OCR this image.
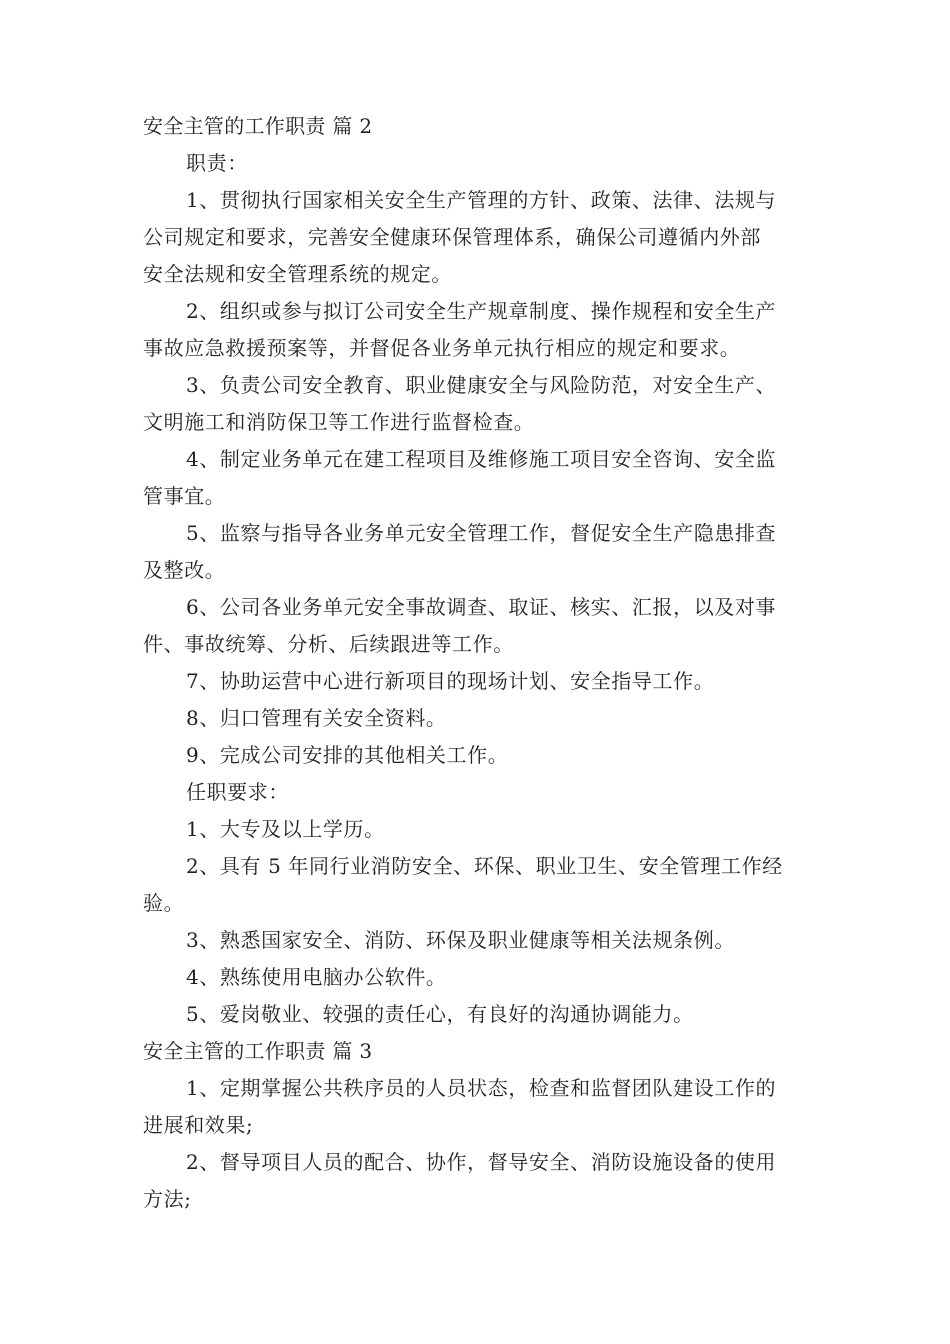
安全主管的工作职责 篇 2
职责：
1、贯彻执行国家相关安全生产管理的方针、政策、法律、法规与
公司规定和要求，完善安全健康环保管理体系，确保公司遵循内外部
安全法规和安全管理系统的规定。
2、组织或参与拟订公司安全生产规章制度、操作规程和安全生产
事故应急救援预案等，并督促各业务单元执行相应的规定和要求。
3、负责公司安全教育、职业健康安全与风险防范，对安全生产、
文明施工和消防保卫等工作进行监督检查。
4、制定业务单元在建工程项目及维修施工项目安全咨询、安全监
管事宜。
5、监察与指导各业务单元安全管理工作，督促安全生产隐患排查
及整改。
6、公司各业务单元安全事故调查、取证、核实、汇报，以及对事
件、事故统筹、分析、后续跟进等工作。
7、协助运营中心进行新项目的现场计划、安全指导工作。
8、归口管理有关安全资料。
9、完成公司安排的其他相关工作。
任职要求：
1、大专及以上学历。
2、具有 5 年同行业消防安全、环保、职业卫生、安全管理工作经
验。
3、熟悉国家安全、消防、环保及职业健康等相关法规条例。
4、熟练使用电脑办公软件。
5、爱岗敬业、较强的责任心，有良好的沟通协调能力。
安全主管的工作职责 篇 3
1、定期掌握公共秩序员的人员状态，检查和监督团队建设工作的
进展和效果;
2、督导项目人员的配合、协作，督导安全、消防设施设备的使用
方法;
